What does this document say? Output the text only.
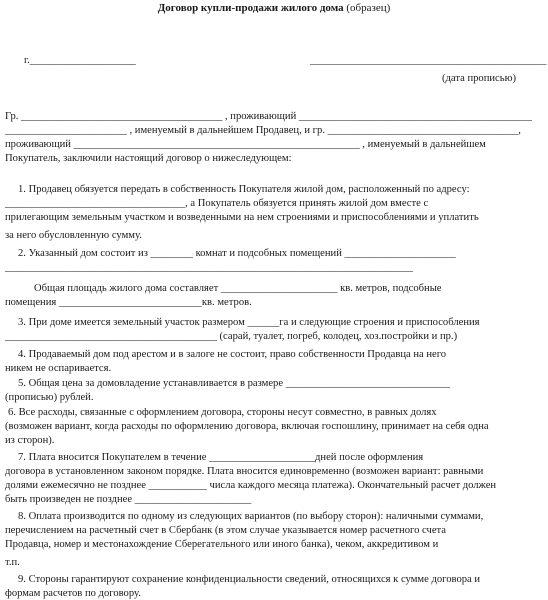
Договор купли-продажи жилого дома (образец)
г.____________________	_____________________________________________
(дата прописью)
Гр. ______________________________________ , проживающий ____________________________________________
_______________________ , именуемый в дальнейшем Продавец, и гр. ____________________________________,
проживающий ______________________________________________________ , именуемый в дальнейшем
Покупатель, заключили настоящий договор о нижеследующем:
1. Продавец обязуется передать в собственность Покупателя жилой дом, расположенный по адресу:
__________________________________, а Покупатель обязуется принять жилой дом вместе с
прилегающим земельным участком и возведенными на нем строениями и приспособлениями и уплатить
за него обусловленную сумму.
2. Указанный дом состоит из ________ комнат и подсобных помещений _____________________
_____________________________________________________________________________
Общая площадь жилого дома составляет ______________________ кв. метров, подсобные
помещения ___________________________кв. метров.
3. При доме имеется земельный участок размером ______га и следующие строения и приспособления
________________________________________ (сарай, туалет, погреб, колодец, хоз.постройки и пр.)
4. Продаваемый дом под арестом и в залоге не состоит, право собственности Продавца на него
никем не оспаривается.
5. Общая цена за домовладение устанавливается в размере _______________________________
(прописью) рублей.
6. Все расходы, связанные с оформлением договора, стороны несут совместно, в равных долях
(возможен вариант, когда расходы по оформлению договора, включая госпошлину, принимает на себя одна
из сторон).
7. Плата вносится Покупателем в течение ____________________дней после оформления
договора в установленном законом порядке. Плата вносится единовременно (возможен вариант: равными
долями ежемесячно не позднее ___________ числа каждого месяца платежа). Окончательный расчет должен
быть произведен не позднее ______________________
8. Оплата производится по одному из следующих вариантов (по выбору сторон): наличными суммами,
перечислением на расчетный счет в Сбербанк (в этом случае указывается номер расчетного счета
Продавца, номер и местонахождение Сберегательного или иного банка), чеком, аккредитивом и
т.п.
9. Стороны гарантируют сохранение конфиденциальности сведений, относящихся к сумме договора и
формам расчетов по договору.
